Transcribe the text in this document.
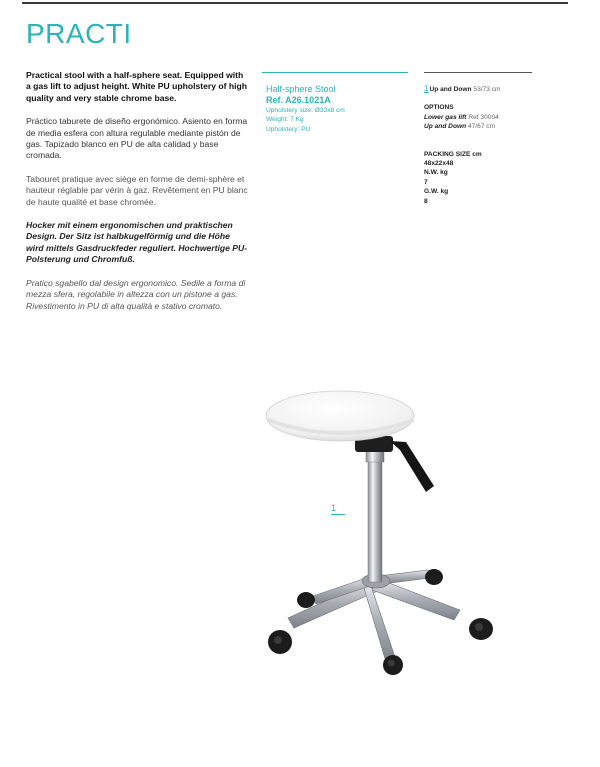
PRACTI

Practical stool with a half-sphere seat. Equipped with a gas lift to adjust height. White PU upholstery of high quality and very stable chrome base.

Práctico taburete de diseño ergonómico. Asiento en forma de media esfera con altura regulable mediante pistón de gas. Tapizado blanco en PU de alta calidad y base cromada.

Tabouret pratique avec siège en forme de demi-sphère et hauteur réglable par vérin à gaz. Revêtement en PU blanc de haute qualité et base chromée.

Hocker mit einem ergonomischen und praktischen Design. Der Sitz ist halbkugelförmig und die Höhe wird mittels Gasdruckfeder reguliert. Hochwertige PU-Polsterung und Chromfuß.

Pratico sgabello dal design ergonomico. Sedile a forma di mezza sfera, regolabile in altezza con un pistone a gas. Rivestimento in PU di alta qualità e stativo cromato.

Half-sphere Stool
Ref. A26.1021A
Upholstery size: Ø33x8 cm
Weight: 7 Kg
Upholstery: PU
1Up and Down 53/73 cm
OPTIONS
Lower gas lift Ref 30004
Up and Down 47/67 cm
PACKING SIZE cm
48x22x48
N.W. kg
7
G.W. kg
8
1
